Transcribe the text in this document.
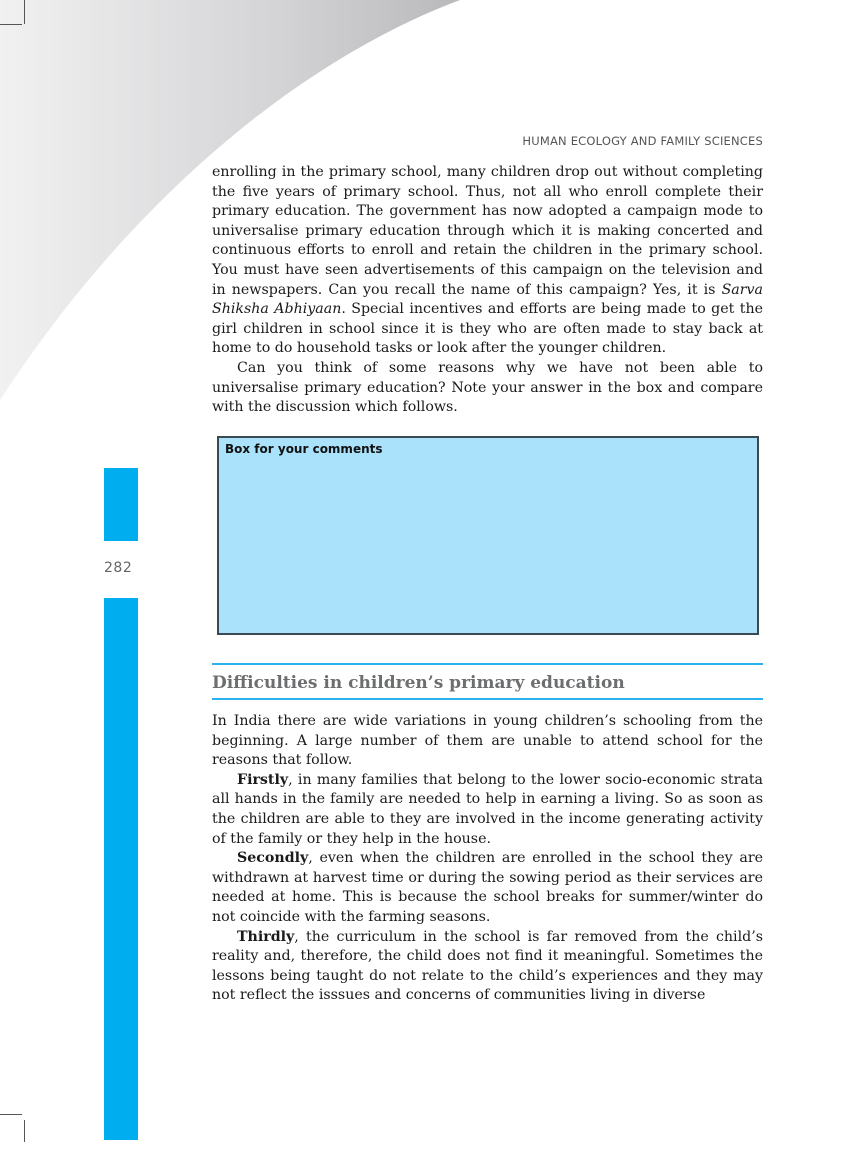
HUMAN ECOLOGY AND FAMILY SCIENCES
282

enrolling in the primary school, many children drop out without completing the five years of primary school. Thus, not all who enroll complete their primary education. The government has now adopted a campaign mode to universalise primary education through which it is making concerted and continuous efforts to enroll and retain the children in the primary school. You must have seen advertisements of this campaign on the television and in newspapers. Can you recall the name of this campaign? Yes, it is Sarva Shiksha Abhiyaan. Special incentives and efforts are being made to get the girl children in school since it is they who are often made to stay back at home to do household tasks or look after the younger children.

Can you think of some reasons why we have not been able to universalise primary education? Note your answer in the box and compare with the discussion which follows.

Box for your comments
Difficulties in children’s primary education

In India there are wide variations in young children’s schooling from the beginning. A large number of them are unable to attend school for the reasons that follow.

Firstly, in many families that belong to the lower socio-economic strata all hands in the family are needed to help in earning a living. So as soon as the children are able to they are involved in the income generating activity of the family or they help in the house.

Secondly, even when the children are enrolled in the school they are withdrawn at harvest time or during the sowing period as their services are needed at home. This is because the school breaks for summer/winter do not coincide with the farming seasons.

Thirdly, the curriculum in the school is far removed from the child’s reality and, therefore, the child does not find it meaningful. Sometimes the lessons being taught do not relate to the child’s experiences and they may not reflect the isssues and concerns of communities living in diverse
